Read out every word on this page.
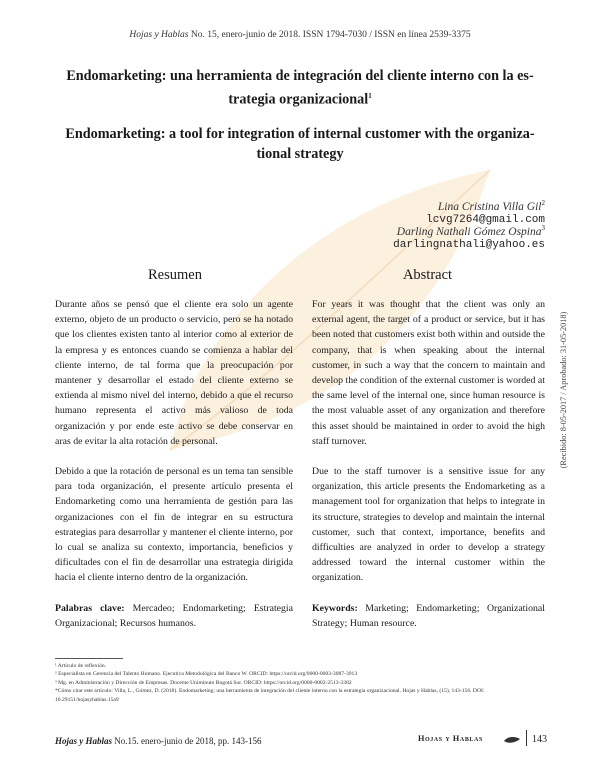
Hojas y Hablas No. 15, enero-junio de 2018. ISSN 1794-7030 / ISSN en línea 2539-3375
Endomarketing: una herramienta de integración del cliente interno con la estrategia organizacional$^1$
Endomarketing: a tool for integration of internal customer with the organizational strategy
Lina Cristina Villa Gil$^2$
lcvg7264@gmail.com
Darling Nathali Gómez Ospina$^3$
darlingnathali@yahoo.es
Resumen	Abstract

Durante años se pensó que el cliente era solo un agente externo, objeto de un producto o servicio, pero se ha notado que los clientes existen tanto al interior como al exterior de la empresa y es entonces cuando se comienza a hablar del cliente interno, de tal forma que la preocupación por mantener y desarrollar el estado del cliente externo se extienda al mismo nivel del interno, debido a que el recurso humano representa el activo más valioso de toda organización y por ende este activo se debe conservar en aras de evitar la alta rotación de personal.

Debido a que la rotación de personal es un tema tan sensible para toda organización, el presente artículo presenta el Endomarketing como una herramienta de gestión para las organizaciones con el fin de integrar en su estructura estrategias para desarrollar y mantener el cliente interno, por lo cual se analiza su contexto, importancia, beneficios y dificultades con el fin de desarrollar una estrategia dirigida hacia el cliente interno dentro de la organización.

Palabras clave: Mercadeo; Endomarketing; Estrategia Organizacional; Recursos humanos.

For years it was thought that the client was only an external agent, the target of a product or service, but it has been noted that customers exist both within and outside the company, that is when speaking about the internal customer, in such a way that the concern to maintain and develop the condition of the external customer is worded at the same level of the internal one, since human resource is the most valuable asset of any organization and therefore this asset should be maintained in order to avoid the high staff turnover.

Due to the staff turnover is a sensitive issue for any organization, this article presents the Endomarketing as a management tool for organization that helps to integrate in its structure, strategies to develop and maintain the internal customer, such that context, importance, benefits and difficulties are analyzed in order to develop a strategy addressed toward the internal customer within the organization.

Keywords: Marketing; Endomarketing; Organizational Strategy; Human resource.

(Recibido: 8-05-2017 / Aprobado: 31-05-2018)
¹ Artículo de reflexión.
² Especialista en Gerencia del Talento Humano. Ejecutiva Metodológica del Banco W. ORCID: https://orcid.org/0000-0003-3087-3913
³ Mg. en Administración y Dirección de Empresas. Docente Uniminuto Bogotá Sur. ORCID: https://orcid.org/0000-0002-2513-3382
*Cómo citar este artículo: Villa, L., Gómez, D. (2018). Endomarketing: una herramienta de integración del cliente interno con la estrategia organizacional. Hojas y Hablas, (15), 143-156. DOI: 10.29151/hojasyhablas.15a9
Hojas y Hablas No.15. enero-junio de 2018, pp. 143-156	Hojas y Hablas	143
